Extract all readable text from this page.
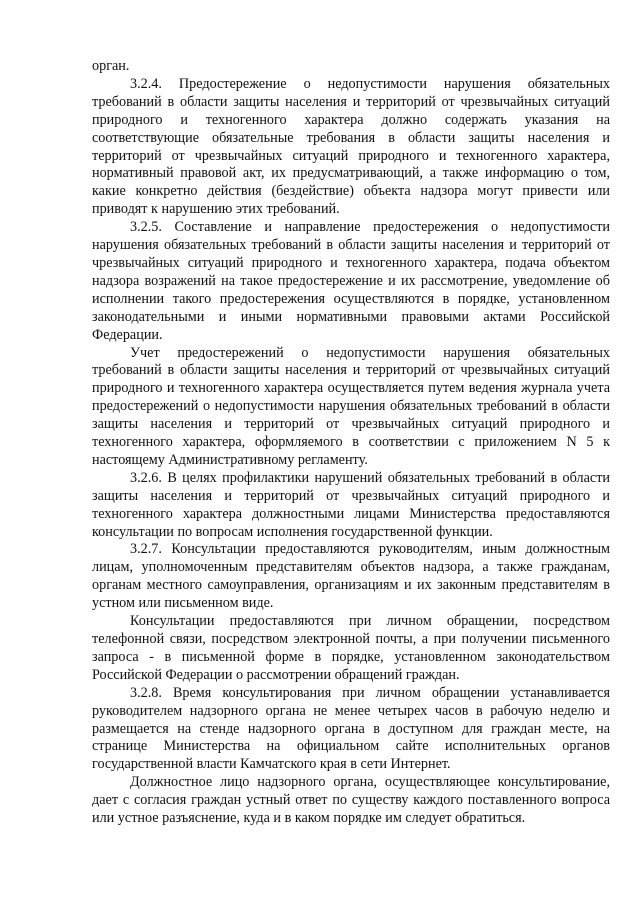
орган.

3.2.4. Предостережение о недопустимости нарушения обязательных требований в области защиты населения и территорий от чрезвычайных ситуаций природного и техногенного характера должно содержать указания на соответствующие обязательные требования в области защиты населения и территорий от чрезвычайных ситуаций природного и техногенного характера, нормативный правовой акт, их предусматривающий, а также информацию о том, какие конкретно действия (бездействие) объекта надзора могут привести или приводят к нарушению этих требований.

3.2.5. Составление и направление предостережения о недопустимости нарушения обязательных требований в области защиты населения и территорий от чрезвычайных ситуаций природного и техногенного характера, подача объектом надзора возражений на такое предостережение и их рассмотрение, уведомление об исполнении такого предостережения осуществляются в порядке, установленном законодательными и иными нормативными правовыми актами Российской Федерации.

Учет предостережений о недопустимости нарушения обязательных требований в области защиты населения и территорий от чрезвычайных ситуаций природного и техногенного характера осуществляется путем ведения журнала учета предостережений о недопустимости нарушения обязательных требований в области защиты населения и территорий от чрезвычайных ситуаций природного и техногенного характера, оформляемого в соответствии с приложением N 5 к настоящему Административному регламенту.

3.2.6. В целях профилактики нарушений обязательных требований в области защиты населения и территорий от чрезвычайных ситуаций природного и техногенного характера должностными лицами Министерства предоставляются консультации по вопросам исполнения государственной функции.

3.2.7. Консультации предоставляются руководителям, иным должностным лицам, уполномоченным представителям объектов надзора, а также гражданам, органам местного самоуправления, организациям и их законным представителям в устном или письменном виде.

Консультации предоставляются при личном обращении, посредством телефонной связи, посредством электронной почты, а при получении письменного запроса - в письменной форме в порядке, установленном законодательством Российской Федерации о рассмотрении обращений граждан.

3.2.8. Время консультирования при личном обращении устанавливается руководителем надзорного органа не менее четырех часов в рабочую неделю и размещается на стенде надзорного органа в доступном для граждан месте, на странице Министерства на официальном сайте исполнительных органов государственной власти Камчатского края в сети Интернет.

Должностное лицо надзорного органа, осуществляющее консультирование, дает с согласия граждан устный ответ по существу каждого поставленного вопроса или устное разъяснение, куда и в каком порядке им следует обратиться.
